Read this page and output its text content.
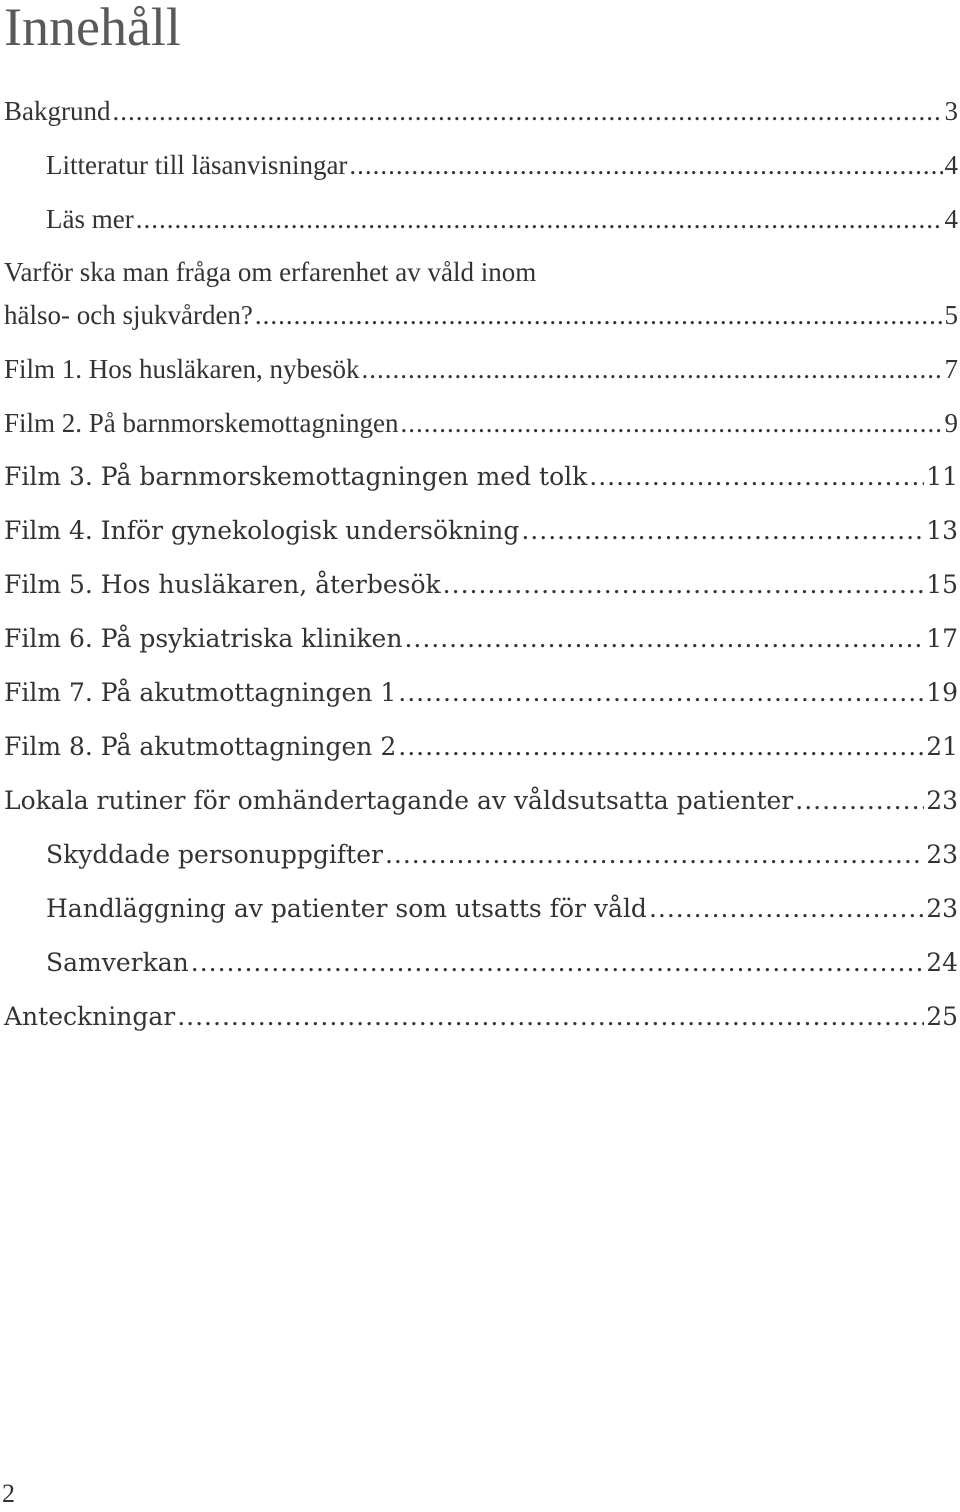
Innehåll
Bakgrund .....	3
Litteratur till läsanvisningar .....	4
Läs mer .....	4
Varför ska man fråga om erfarenhet av våld inom
hälso- och sjukvården? .....	5
Film 1. Hos husläkaren, nybesök .....	7
Film 2. På barnmorskemottagningen .....	9
Film 3. På barnmorskemottagningen med tolk .....	11
Film 4. Inför gynekologisk undersökning .....	13
Film 5. Hos husläkaren, återbesök .....	15
Film 6. På psykiatriska kliniken .....	17
Film 7. På akutmottagningen 1 .....	19
Film 8. På akutmottagningen 2 .....	21
Lokala rutiner för omhändertagande av våldsutsatta patienter .....	23
Skyddade personuppgifter .....	23
Handläggning av patienter som utsatts för våld .....	23
Samverkan .....	24
Anteckningar .....	25
2
